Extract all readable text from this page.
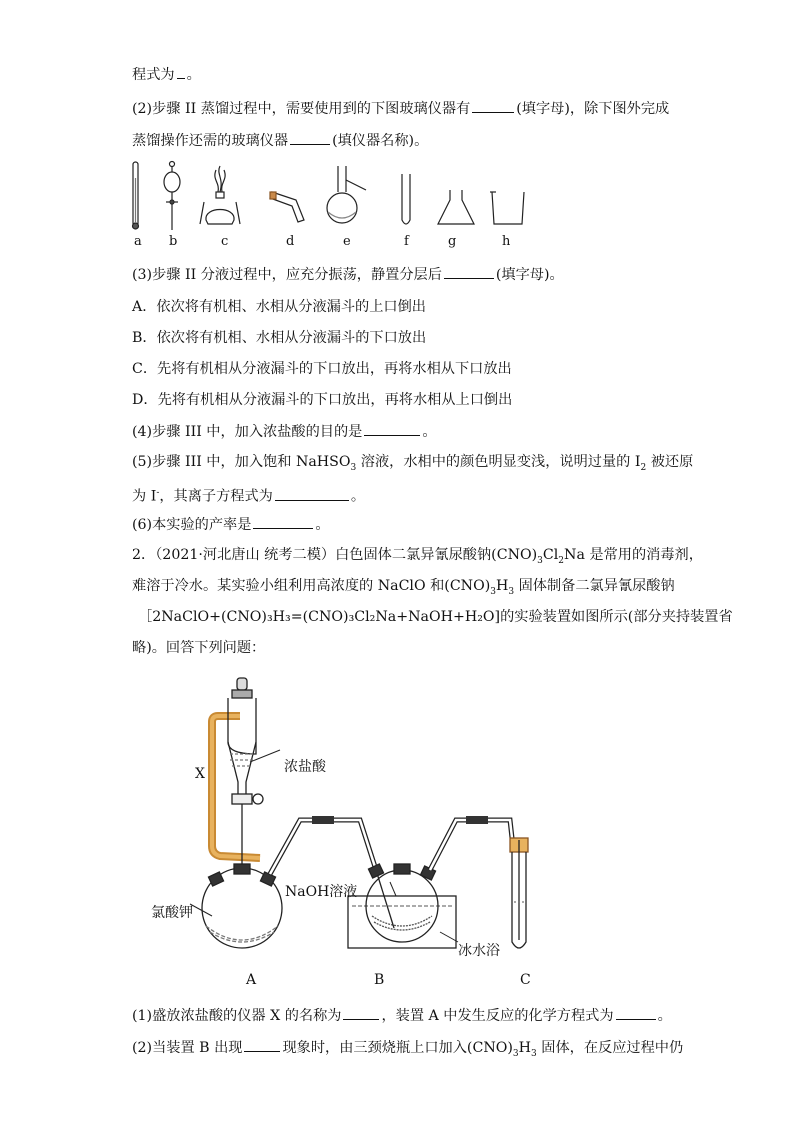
程式为 。
(2)步骤 II 蒸馏过程中，需要使用到的下图玻璃仪器有	(填字母)，除下图外完成
蒸馏操作还需的玻璃仪器	(填仪器名称)。
a b	c	d	e	f	g	h
(3)步骤 II 分液过程中，应充分振荡，静置分层后	(填字母)。
A．依次将有机相、水相从分液漏斗的上口倒出
B．依次将有机相、水相从分液漏斗的下口放出
C．先将有机相从分液漏斗的下口放出，再将水相从下口放出
D．先将有机相从分液漏斗的下口放出，再将水相从上口倒出
(4)步骤 III 中，加入浓盐酸的目的是	。
(5)步骤 III 中，加入饱和 NaHSO$_3$ 溶液，水相中的颜色明显变浅，说明过量的 $I_2$ 被还原
为 I-，其离子方程式为	。
(6)本实验的产率是	。
2．（2021·河北唐山 统考二模）白色固体二氯异氰尿酸钠$(CNO)_3Cl_2Na$ 是常用的消毒剂，
难溶于冷水。某实验小组利用高浓度的 NaClO 和$(CNO)_3H_3$ 固体制备二氯异氰尿酸钠
［2NaClO+(CNO)₃H₃=(CNO)₃Cl₂Na+NaOH+H₂O]的实验装置如图所示(部分夹持装置省
略)。回答下列问题：
X	浓盐酸
氯酸钾
NaOH溶液
冰水浴
A	B	C
(1)盛放浓盐酸的仪器 X 的名称为	，装置 A 中发生反应的化学方程式为	。
(2)当装置 B 出现	现象时，由三颈烧瓶上口加入$(CNO)_3H_3$ 固体，在反应过程中仍
